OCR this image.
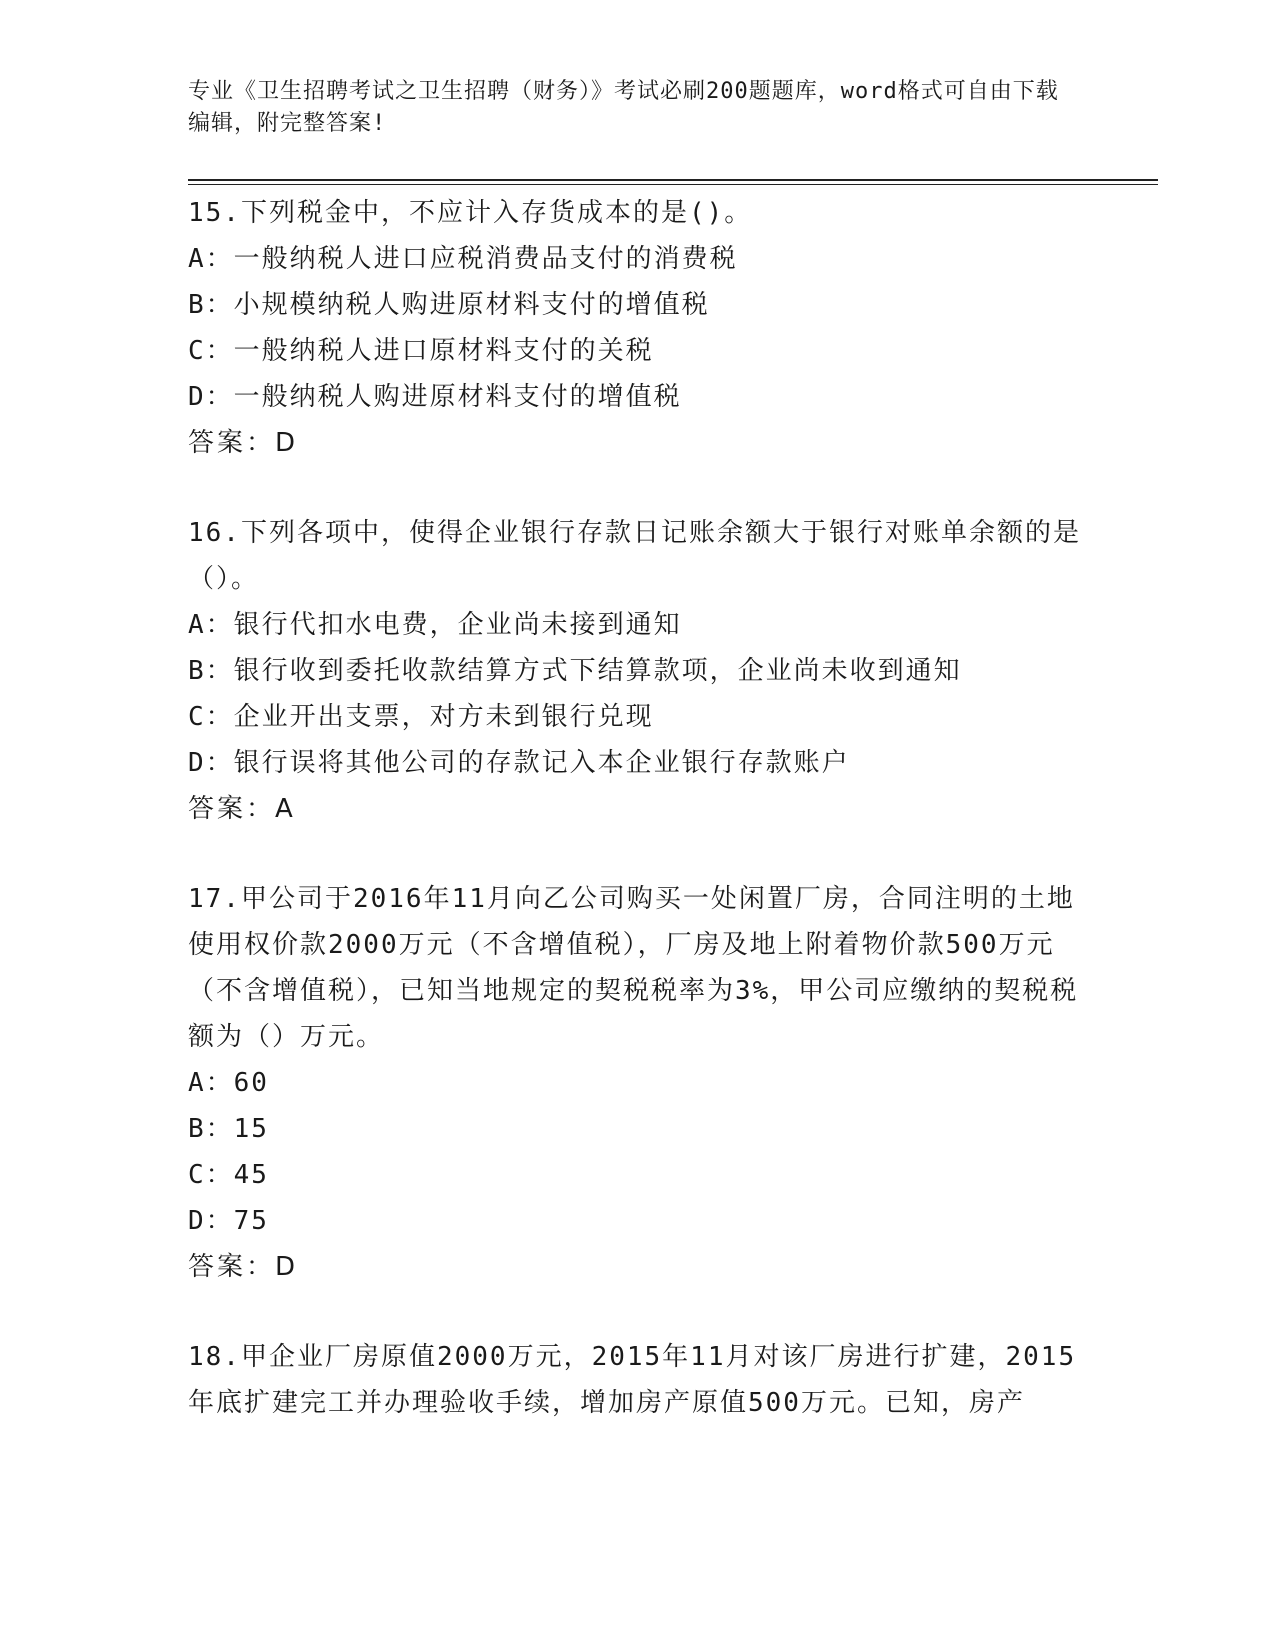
专业《卫生招聘考试之卫生招聘（财务）》考试必刷200题题库，word格式可自由下载编辑，附完整答案!
15.下列税金中，不应计入存货成本的是()。
A：一般纳税人进口应税消费品支付的消费税
B：小规模纳税人购进原材料支付的增值税
C：一般纳税人进口原材料支付的关税
D：一般纳税人购进原材料支付的增值税
答案：D
16.下列各项中，使得企业银行存款日记账余额大于银行对账单余额的是（）。
A：银行代扣水电费，企业尚未接到通知
B：银行收到委托收款结算方式下结算款项，企业尚未收到通知
C：企业开出支票，对方未到银行兑现
D：银行误将其他公司的存款记入本企业银行存款账户
答案：A
17.甲公司于2016年11月向乙公司购买一处闲置厂房，合同注明的土地使用权价款2000万元（不含增值税），厂房及地上附着物价款500万元（不含增值税），已知当地规定的契税税率为3%，甲公司应缴纳的契税税额为（）万元。
A：60
B：15
C：45
D：75
答案：D
18.甲企业厂房原值2000万元，2015年11月对该厂房进行扩建，2015年底扩建完工并办理验收手续，增加房产原值500万元。已知，房产
